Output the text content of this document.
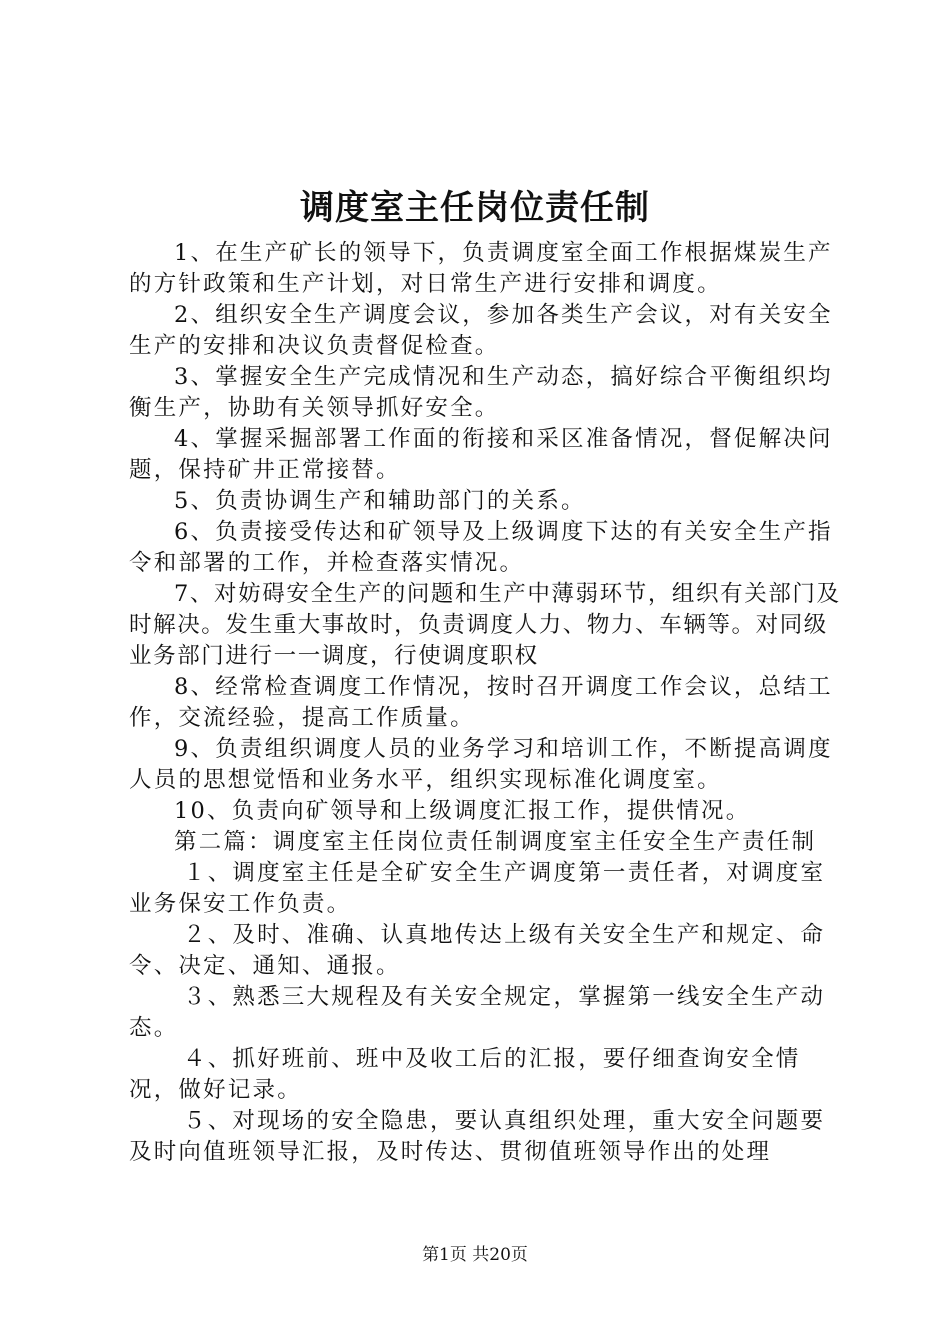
调度室主任岗位责任制

1、在生产矿长的领导下，负责调度室全面工作根据煤炭生产的方针政策和生产计划，对日常生产进行安排和调度。

2、组织安全生产调度会议，参加各类生产会议，对有关安全生产的安排和决议负责督促检查。

3、掌握安全生产完成情况和生产动态，搞好综合平衡组织均衡生产，协助有关领导抓好安全。

4、掌握采掘部署工作面的衔接和采区准备情况，督促解决问题，保持矿井正常接替。

5、负责协调生产和辅助部门的关系。

6、负责接受传达和矿领导及上级调度下达的有关安全生产指令和部署的工作，并检查落实情况。

7、对妨碍安全生产的问题和生产中薄弱环节，组织有关部门及时解决。发生重大事故时，负责调度人力、物力、车辆等。对同级业务部门进行一一调度，行使调度职权

8、经常检查调度工作情况，按时召开调度工作会议，总结工作，交流经验，提高工作质量。

9、负责组织调度人员的业务学习和培训工作，不断提高调度人员的思想觉悟和业务水平，组织实现标准化调度室。

10、负责向矿领导和上级调度汇报工作，提供情况。

第二篇：调度室主任岗位责任制调度室主任安全生产责任制

１、调度室主任是全矿安全生产调度第一责任者，对调度室业务保安工作负责。

２、及时、准确、认真地传达上级有关安全生产和规定、命令、决定、通知、通报。

３、熟悉三大规程及有关安全规定，掌握第一线安全生产动态。

４、抓好班前、班中及收工后的汇报，要仔细查询安全情况，做好记录。

５、对现场的安全隐患，要认真组织处理，重大安全问题要及时向值班领导汇报，及时传达、贯彻值班领导作出的处理

第1页 共20页
